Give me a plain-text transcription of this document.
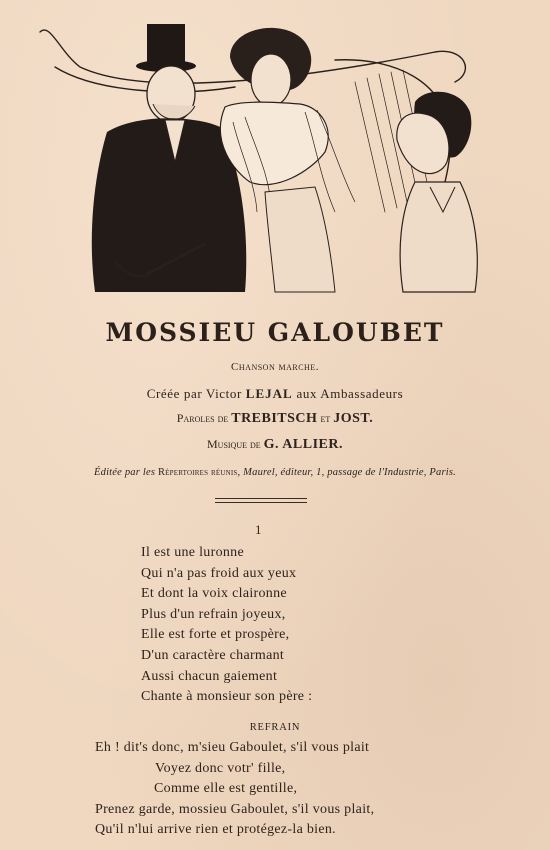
MOSSIEU GALOUBET
Chanson marche.
Créée par Victor LEJAL aux Ambassadeurs
Paroles de TREBITSCH et JOST.
Musique de G. ALLIER.
Éditée par les Répertoires réunis, Maurel, éditeur, 1, passage de l'Industrie, Paris.
1
Il est une luronne
Qui n'a pas froid aux yeux
Et dont la voix claironne
Plus d'un refrain joyeux,
Elle est forte et prospère,
D'un caractère charmant
Aussi chacun gaiement
Chante à monsieur son père :
REFRAIN
Eh ! dit's donc, m'sieu Gaboulet, s'il vous plait
Voyez donc votr' fille,
Comme elle est gentille,
Prenez garde, mossieu Gaboulet, s'il vous plait,
Qu'il n'lui arrive rien et protégez-la bien.
